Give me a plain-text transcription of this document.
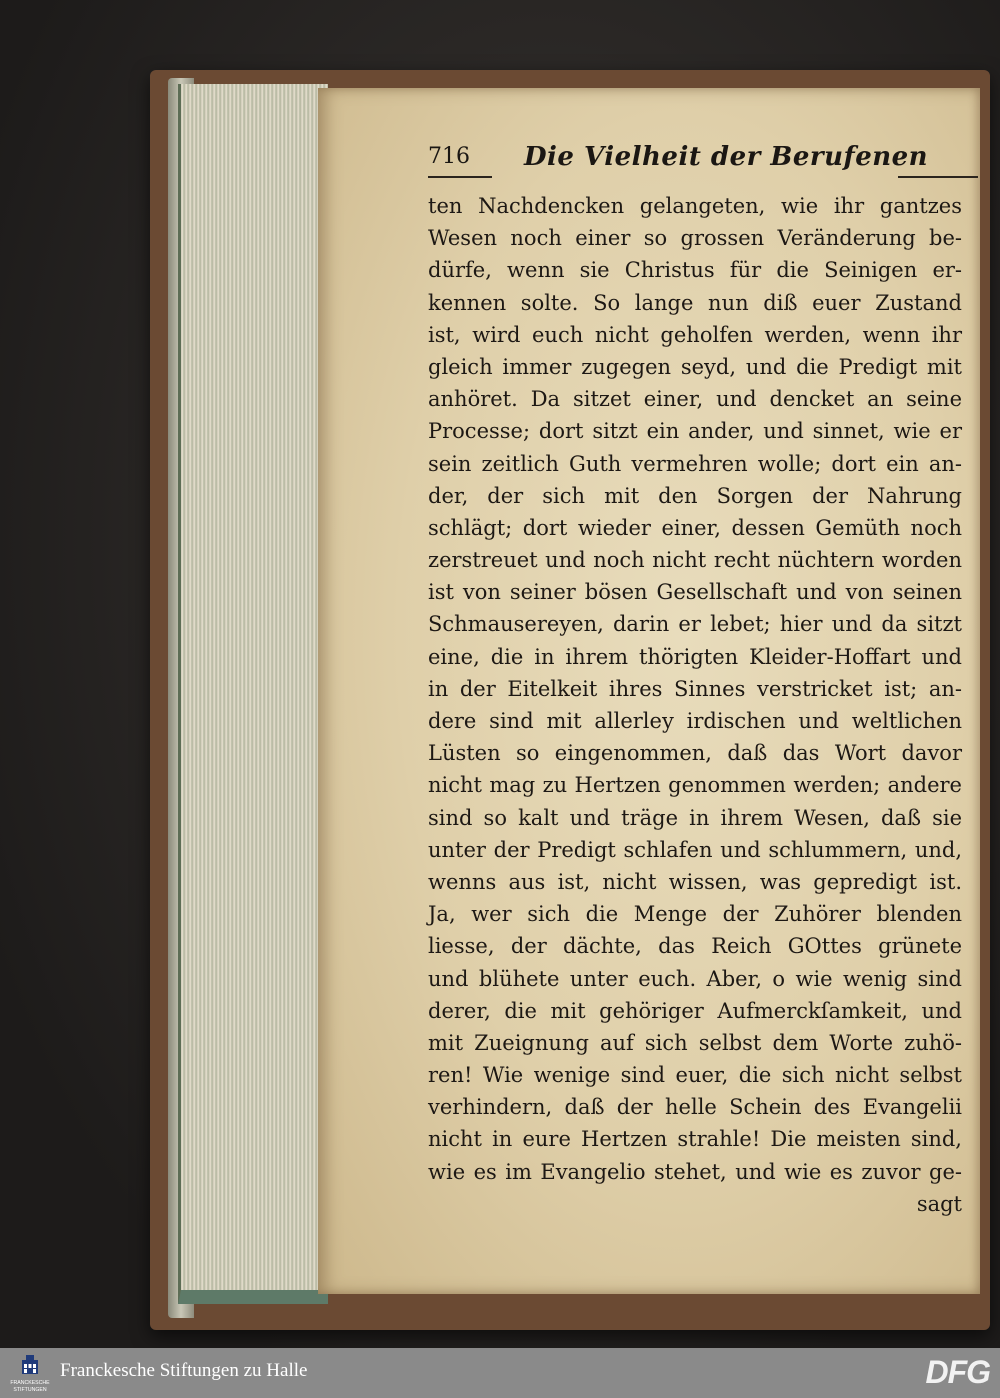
716 Die Vielheit der Berufenen
ten Nachdencken gelangeten, wie ihr gantzes
Wesen noch einer so grossen Veränderung be-
dürfe, wenn sie Christus für die Seinigen er-
kennen solte. So lange nun diß euer Zustand
ist, wird euch nicht geholfen werden, wenn ihr
gleich immer zugegen seyd, und die Predigt mit
anhöret. Da sitzet einer, und dencket an seine
Processe; dort sitzt ein ander, und sinnet, wie er
sein zeitlich Guth vermehren wolle; dort ein an-
der, der sich mit den Sorgen der Nahrung
schlägt; dort wieder einer, dessen Gemüth noch
zerstreuet und noch nicht recht nüchtern worden
ist von seiner bösen Gesellschaft und von seinen
Schmausereyen, darin er lebet; hier und da sitzt
eine, die in ihrem thörigten Kleider-Hoffart und
in der Eitelkeit ihres Sinnes verstricket ist; an-
dere sind mit allerley irdischen und weltlichen
Lüsten so eingenommen, daß das Wort davor
nicht mag zu Hertzen genommen werden; andere
sind so kalt und träge in ihrem Wesen, daß sie
unter der Predigt schlafen und schlummern, und,
wenns aus ist, nicht wissen, was gepredigt ist.
Ja, wer sich die Menge der Zuhörer blenden
liesse, der dächte, das Reich GOttes grünete
und blühete unter euch. Aber, o wie wenig sind
derer, die mit gehöriger Aufmerckſamkeit, und
mit Zueignung auf sich selbst dem Worte zuhö-
ren! Wie wenige sind euer, die sich nicht selbst
verhindern, daß der helle Schein des Evangelii
nicht in eure Hertzen strahle! Die meisten sind,
wie es im Evangelio stehet, und wie es zuvor ge-
sagt
FRANCKESCHE
STIFTUNGEN
Franckesche Stiftungen zu Halle	DFG
